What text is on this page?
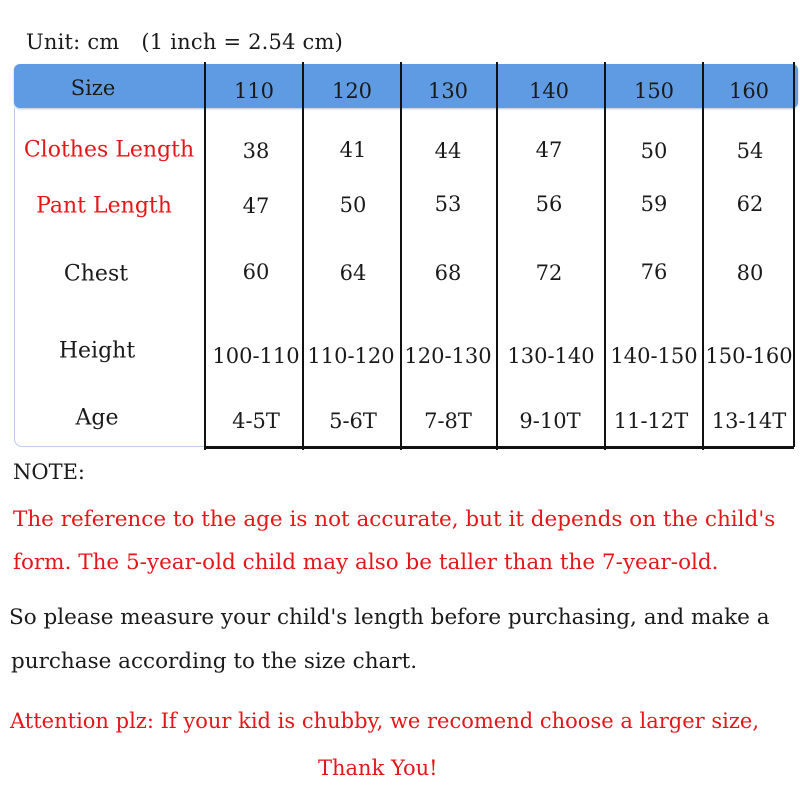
Unit: cm (1 inch = 2.54 cm)
Size	110	120	130	140	150	160
Clothes Length 38	41	44	47	50	54
Pant Length	47	50	53	56	59	62
Chest	60	64	68	72	76	80
Height	100-110 110-120 120-130 130-140 140-150 150-160
Age	4-5T 5-6T 7-8T 9-10T 11-12T 13-14T
NOTE:
The reference to the age is not accurate, but it depends on the child's
form. The 5-year-old child may also be taller than the 7-year-old.
So please measure your child's length before purchasing, and make a
purchase according to the size chart.
Attention plz: If your kid is chubby, we recomend choose a larger size,
Thank You!
